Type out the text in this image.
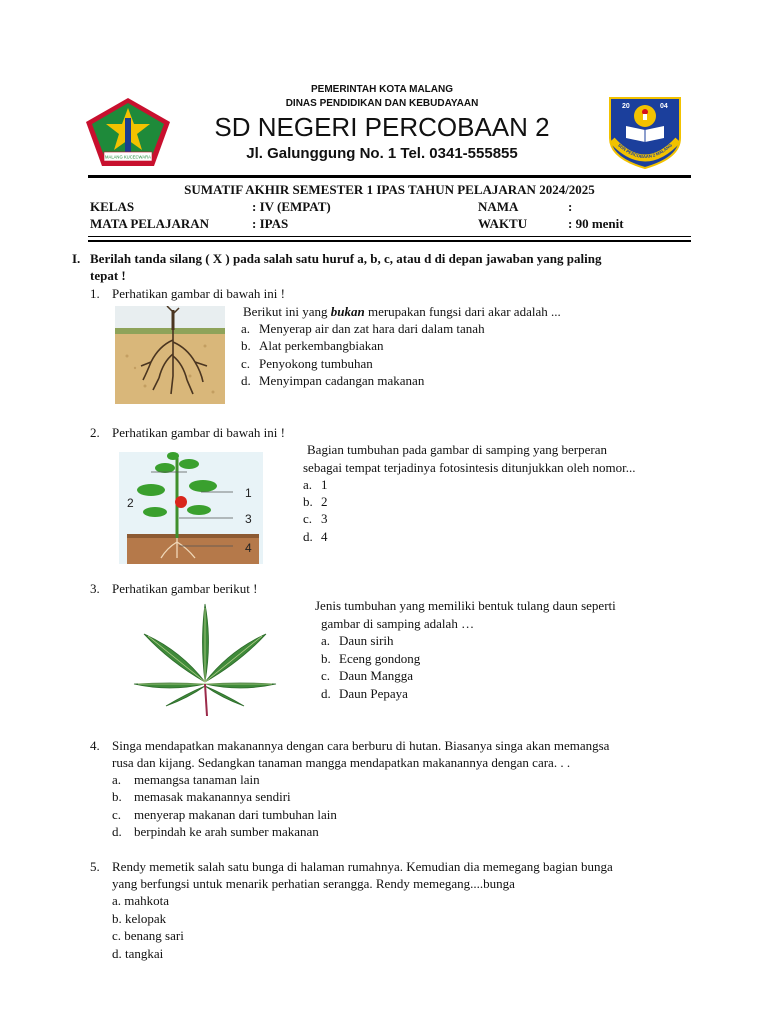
MALANG KUCECWARA
PEMERINTAH KOTA MALANG
DINAS PENDIDIKAN DAN KEBUDAYAAN
SD NEGERI PERCOBAAN 2
Jl. Galunggung No. 1 Tel. 0341-555855
20	04
SDN PERCOBAAN 2 MALANG
SUMATIF AKHIR SEMESTER 1 IPAS TAHUN PELAJARAN 2024/2025
KELAS	: IV (EMPAT)	NAMA	:
MATA PELAJARAN	: IPAS	WAKTU	: 90 menit
I. Berilah tanda silang ( X ) pada salah satu huruf a, b, c, atau d di depan jawaban yang paling
tepat !
1. Perhatikan gambar di bawah ini !
Berikut ini yang bukan merupakan fungsi dari akar adalah ...
a. Menyerap air dan zat hara dari dalam tanah
b. Alat perkembangbiakan
c. Penyokong tumbuhan
d. Menyimpan cadangan makanan
2. Perhatikan gambar di bawah ini !
1
2
3
4
Bagian tumbuhan pada gambar di samping yang berperan
sebagai tempat terjadinya fotosintesis ditunjukkan oleh nomor...
a. 1
b. 2
c. 3
d. 4
3. Perhatikan gambar berikut !
Jenis tumbuhan yang memiliki bentuk tulang daun seperti
gambar di samping adalah …
a. Daun sirih
b. Eceng gondong
c. Daun Mangga
d. Daun Pepaya
4. Singa mendapatkan makanannya dengan cara berburu di hutan. Biasanya singa akan memangsa
rusa dan kijang. Sedangkan tanaman mangga mendapatkan makanannya dengan cara. . .
a. memangsa tanaman lain
b. memasak makanannya sendiri
c. menyerap makanan dari tumbuhan lain
d. berpindah ke arah sumber makanan
5. Rendy memetik salah satu bunga di halaman rumahnya. Kemudian dia memegang bagian bunga
yang berfungsi untuk menarik perhatian serangga. Rendy memegang....bunga
a. mahkota
b. kelopak
c. benang sari
d. tangkai
